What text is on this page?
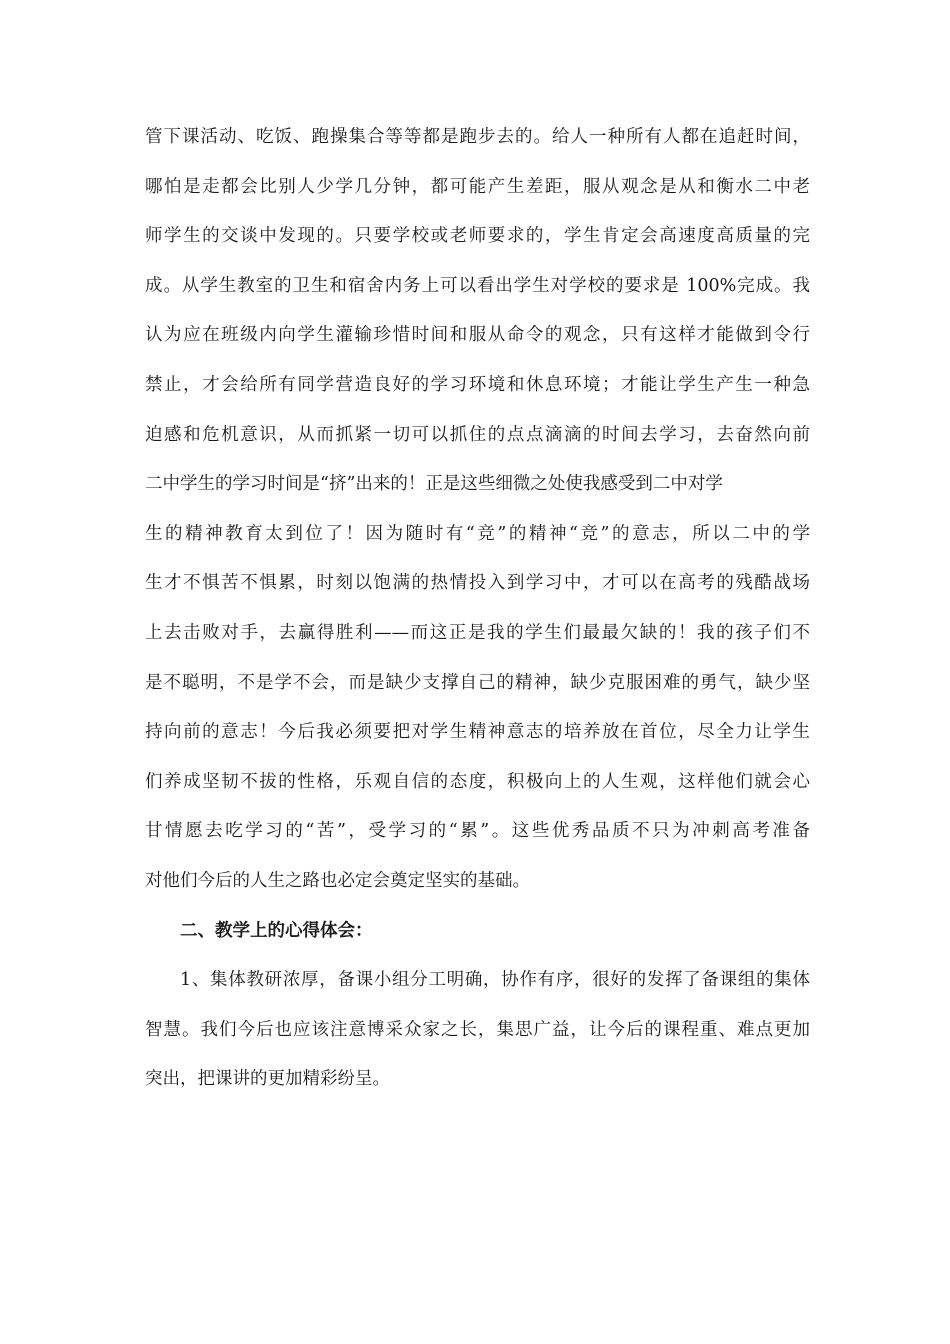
管下课活动、吃饭、跑操集合等等都是跑步去的。给人一种所有人都在追赶时间，
哪怕是走都会比别人少学几分钟，都可能产生差距，服从观念是从和衡水二中老
师学生的交谈中发现的。只要学校或老师要求的，学生肯定会高速度高质量的完
成。从学生教室的卫生和宿舍内务上可以看出学生对学校的要求是 100%完成。我
认为应在班级内向学生灌输珍惜时间和服从命令的观念，只有这样才能做到令行
禁止，才会给所有同学营造良好的学习环境和休息环境；才能让学生产生一种急
迫感和危机意识，从而抓紧一切可以抓住的点点滴滴的时间去学习，去奋然向前
二中学生的学习时间是“挤”出来的！正是这些细微之处使我感受到二中对学
生的精神教育太到位了！因为随时有“竞”的精神“竞”的意志，所以二中的学
生才不惧苦不惧累，时刻以饱满的热情投入到学习中，才可以在高考的残酷战场
上去击败对手，去赢得胜利——而这正是我的学生们最最欠缺的！我的孩子们不
是不聪明，不是学不会，而是缺少支撑自己的精神，缺少克服困难的勇气，缺少坚
持向前的意志！今后我必须要把对学生精神意志的培养放在首位，尽全力让学生
们养成坚韧不拔的性格，乐观自信的态度，积极向上的人生观，这样他们就会心
甘情愿去吃学习的“苦”，受学习的“累”。这些优秀品质不只为冲刺高考准备
对他们今后的人生之路也必定会奠定坚实的基础。
二、教学上的心得体会：
1、集体教研浓厚，备课小组分工明确，协作有序，很好的发挥了备课组的集体
智慧。我们今后也应该注意博采众家之长，集思广益，让今后的课程重、难点更加
突出，把课讲的更加精彩纷呈。
